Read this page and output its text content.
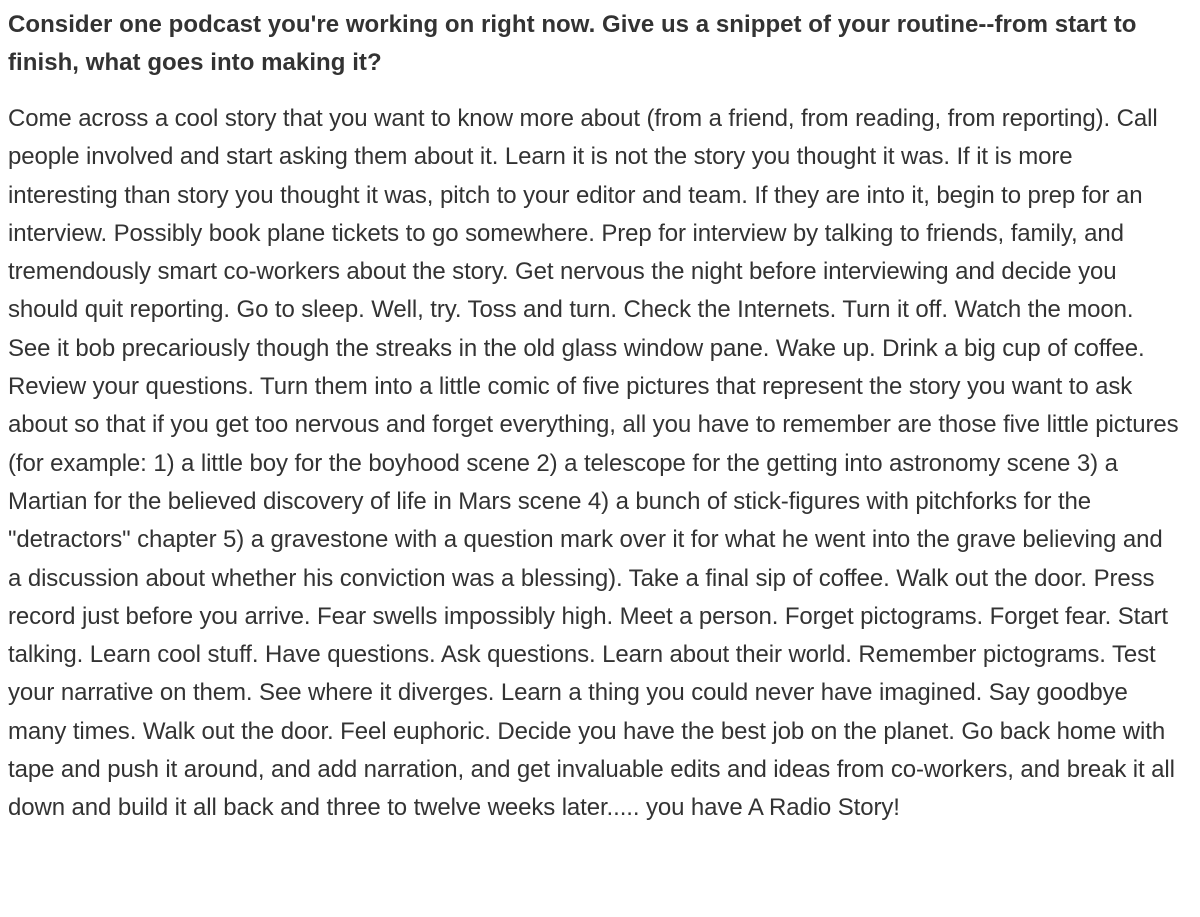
Consider one podcast you're working on right now. Give us a snippet of your routine--from start to finish, what goes into making it?

Come across a cool story that you want to know more about (from a friend, from reading, from reporting). Call people involved and start asking them about it. Learn it is not the story you thought it was. If it is more interesting than story you thought it was, pitch to your editor and team. If they are into it, begin to prep for an interview. Possibly book plane tickets to go somewhere. Prep for interview by talking to friends, family, and tremendously smart co-workers about the story. Get nervous the night before interviewing and decide you should quit reporting. Go to sleep. Well, try. Toss and turn. Check the Internets. Turn it off. Watch the moon. See it bob precariously though the streaks in the old glass window pane. Wake up. Drink a big cup of coffee. Review your questions. Turn them into a little comic of five pictures that represent the story you want to ask about so that if you get too nervous and forget everything, all you have to remember are those five little pictures (for example: 1) a little boy for the boyhood scene 2) a telescope for the getting into astronomy scene 3) a Martian for the believed discovery of life in Mars scene 4) a bunch of stick-figures with pitchforks for the "detractors" chapter 5) a gravestone with a question mark over it for what he went into the grave believing and a discussion about whether his conviction was a blessing). Take a final sip of coffee. Walk out the door. Press record just before you arrive. Fear swells impossibly high. Meet a person. Forget pictograms. Forget fear. Start talking. Learn cool stuff. Have questions. Ask questions. Learn about their world. Remember pictograms. Test your narrative on them. See where it diverges. Learn a thing you could never have imagined. Say goodbye many times. Walk out the door. Feel euphoric. Decide you have the best job on the planet. Go back home with tape and push it around, and add narration, and get invaluable edits and ideas from co-workers, and break it all down and build it all back and three to twelve weeks later..... you have A Radio Story!
